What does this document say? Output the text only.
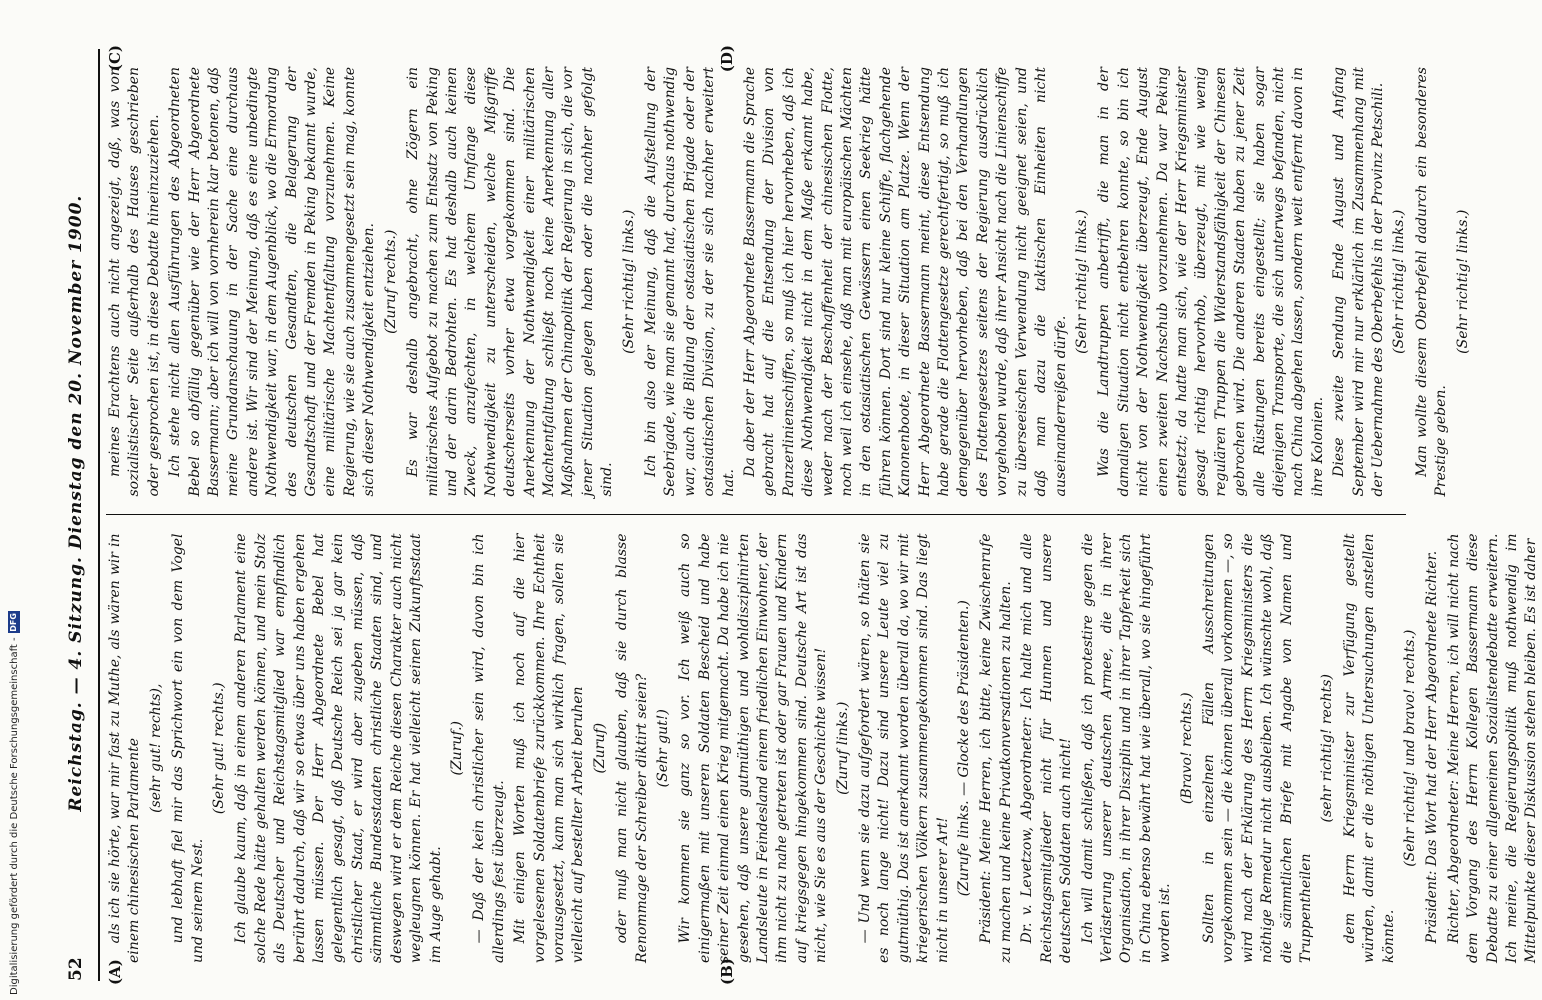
52
Reichstag. — 4. Sitzung. Dienstag den 20. November 1900.
(A)	(B)

als ich sie hörte, war mir fast zu Muthe, als wären wir in einem chinesischen Parlamente (sehr gut! rechts), und lebhaft fiel mir das Sprichwort ein von dem Vogel und seinem Nest.

(Sehr gut! rechts.) Ich glaube kaum, daß in einem anderen Parlament eine solche Rede hätte gehalten werden können, und mein Stolz als Deutscher und Reichstagsmitglied war empfindlich berührt dadurch, daß wir so etwas über uns haben ergehen lassen müssen. Der Herr Abgeordnete Bebel hat gelegentlich gesagt, daß Deutsche Reich sei ja gar kein christlicher Staat, er wird aber zugeben müssen, daß sämmtliche Bundesstaaten christliche Staaten sind, und deswegen wird er dem Reiche diesen Charakter auch nicht wegleugnen können. Er hat vielleicht seinen Zukunftsstaat im Auge gehabt.

(Zuruf.) — Daß der kein christlicher sein wird, davon bin ich allerdings fest überzeugt. Mit einigen Worten muß ich noch auf die hier vorgelesenen Soldatenbriefe zurückkommen. Ihre Echtheit vorausgesetzt, kann man sich wirklich fragen, sollen sie vielleicht auf bestellter Arbeit beruhen (Zuruf) oder muß man nicht glauben, daß sie durch blasse Renommage der Schreiber diktirt seien? (Sehr gut!) Wir kommen sie ganz so vor. Ich weiß auch so einigermaßen mit unseren Soldaten Bescheid und habe seiner Zeit einmal einen Krieg mitgemacht. Da habe ich nie gesehen, daß unsere gutmüthigen und wohldisziplinirten Landsleute in Feindesland einem friedlichen Einwohner, der ihm nicht zu nahe getreten ist oder gar Frauen und Kindern auf kriegsgegen hingekommen sind. Deutsche Art ist das nicht, wie Sie es aus der Geschichte wissen! (Zuruf links.) — Und wenn sie dazu aufgefordert wären, so thäten sie es noch lange nicht! Dazu sind unsere Leute viel zu gutmüthig. Das ist anerkannt worden überall da, wo wir mit kriegerischen Völkern zusammengekommen sind. Das liegt nicht in unserer Art! (Zurufe links. — Glocke des Präsidenten.) Präsident: Meine Herren, ich bitte, keine Zwischenrufe zu machen und keine Privatkonversationen zu halten. Dr. v. Levetzow, Abgeordneter: Ich halte mich und alle Reichstagsmitglieder nicht für Hunnen und unsere deutschen Soldaten auch nicht! Ich will damit schließen, daß ich protestire gegen die Verlästerung unserer deutschen Armee, die in ihrer Organisation, in ihrer Disziplin und in ihrer Tapferkeit sich in China ebenso bewährt hat wie überall, wo sie hingeführt worden ist.

(Bravo! rechts.) Sollten in einzelnen Fällen Ausschreitungen vorgekommen sein — die können überall vorkommen —, so wird nach der Erklärung des Herrn Kriegsministers die nöthige Remedur nicht ausbleiben. Ich wünschte wohl, daß die sämmtlichen Briefe mit Angabe von Namen und Truppentheilen

(sehr richtig! rechts) dem Herrn Kriegsminister zur Verfügung gestellt würden, damit er die nöthigen Untersuchungen anstellen könnte.

(Sehr richtig! und bravo! rechts.) Präsident: Das Wort hat der Herr Abgeordnete Richter. Richter, Abgeordneter: Meine Herren, ich will nicht nach dem Vorgang des Herrn Kollegen Bassermann diese Debatte zu einer allgemeinen Sozialistendebatte erweitern. Ich meine, die Regierungspolitik muß nothwendig im Mittelpunkte dieser Diskussion stehen bleiben. Es ist daher

(C)	(D)

meines Erachtens auch nicht angezeigt, daß, was von sozialistischer Seite außerhalb des Hauses geschrieben oder gesprochen ist, in diese Debatte hineinzuziehen. Ich stehe nicht allen Ausführungen des Abgeordneten Bebel so abfällig gegenüber wie der Herr Abgeordnete Bassermann; aber ich will von vornherein klar betonen, daß meine Grundanschauung in der Sache eine durchaus andere ist. Wir sind der Meinung, daß es eine unbedingte Nothwendigkeit war, in dem Augenblick, wo die Ermordung des deutschen Gesandten, die Belagerung der Gesandtschaft und der Fremden in Peking bekannt wurde, eine militärische Machtentfaltung vorzunehmen. Keine Regierung, wie sie auch zusammengesetzt sein mag, konnte sich dieser Nothwendigkeit entziehen. (Zuruf rechts.) Es war deshalb angebracht, ohne Zögern ein militärisches Aufgebot zu machen zum Entsatz von Peking und der darin Bedrohten. Es hat deshalb auch keinen Zweck, anzufechten, in welchem Umfange diese Nothwendigkeit zu unterscheiden, welche Mißgriffe deutscherseits vorher etwa vorgekommen sind. Die Anerkennung der Nothwendigkeit einer militärischen Machtentfaltung schließt noch keine Anerkennung aller Maßnahmen der Chinapolitik der Regierung in sich, die vor jener Situation gelegen haben oder die nachher gefolgt sind.

(Sehr richtig! links.) Ich bin also der Meinung, daß die Aufstellung der Seebrigade, wie man sie genannt hat, durchaus nothwendig war, auch die Bildung der ostasiatischen Brigade oder der ostasiatischen Division, zu der sie sich nachher erweitert hat.

Da aber der Herr Abgeordnete Bassermann die Sprache gebracht hat auf die Entsendung der Division von Panzerlinienschiffen, so muß ich hier hervorheben, daß ich diese Nothwendigkeit nicht in dem Maße erkannt habe, weder nach der Beschaffenheit der chinesischen Flotte, noch weil ich einsehe, daß man mit europäischen Mächten in den ostasiatischen Gewässern einen Seekrieg hätte führen können. Dort sind nur kleine Schiffe, flachgehende Kanonenboote, in dieser Situation am Platze. Wenn der Herr Abgeordnete Bassermann meint, diese Entsendung habe gerade die Flottengesetze gerechtfertigt, so muß ich demgegenüber hervorheben, daß bei den Verhandlungen des Flottengesetzes seitens der Regierung ausdrücklich vorgehoben wurde, daß ihrer Ansicht nach die Linienschiffe zu überseeischen Verwendung nicht geeignet seien, und daß man dazu die taktischen Einheiten nicht auseinanderreißen dürfe.

(Sehr richtig! links.) Was die Landtruppen anbetrifft, die man in der damaligen Situation nicht entbehren konnte, so bin ich nicht von der Nothwendigkeit überzeugt, Ende August einen zweiten Nachschub vorzunehmen. Da war Peking entsetzt; da hatte man sich, wie der Herr Kriegsminister gesagt richtig hervorhob, überzeugt, mit wie wenig regulären Truppen die Widerstandsfähigkeit der Chinesen gebrochen wird. Die anderen Staaten haben zu jener Zeit alle Rüstungen bereits eingestellt; sie haben sogar diejenigen Transporte, die sich unterwegs befanden, nicht nach China abgehen lassen, sondern weit entfernt davon in ihre Kolonien. Diese zweite Sendung Ende August und Anfang September wird mir nur erklärlich im Zusammenhang mit der Uebernahme des Oberbefehls in der Provinz Petschili. (Sehr richtig! links.) Man wollte diesem Oberbefehl dadurch ein besonderes Prestige geben.

(Sehr richtig! links.)

Digitalisierung gefördert durch die Deutsche Forschungsgemeinschaft -
DFG
